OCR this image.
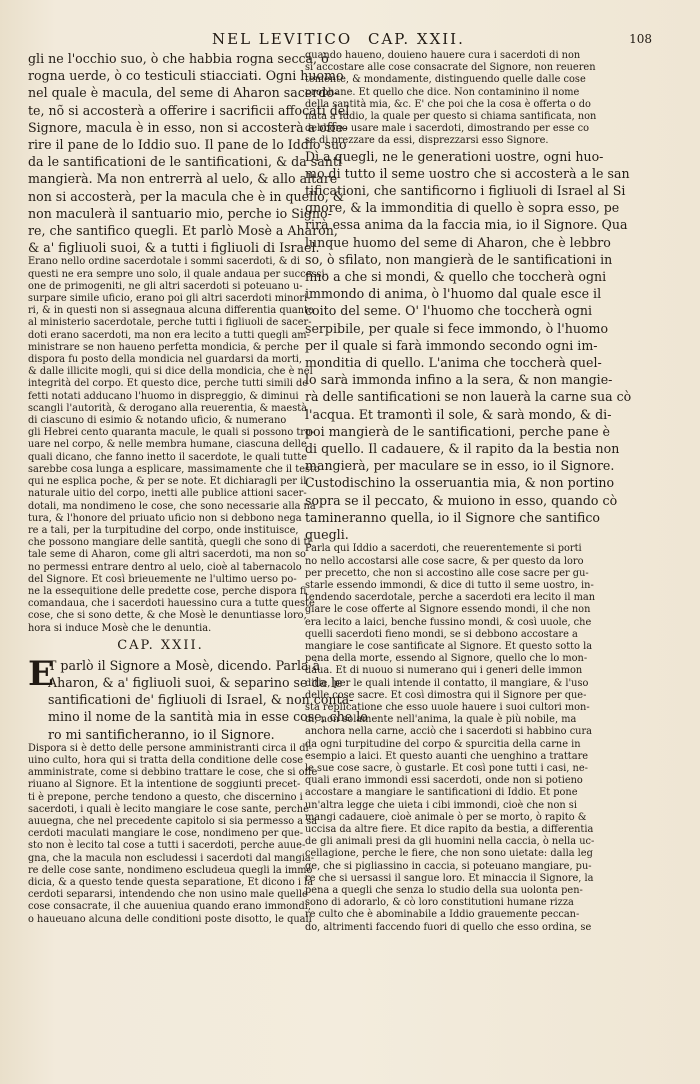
NEL LEVITICO CAP. XXII.	108
gli ne l'occhio suo, ò che habbia rogna secca, ò
rogna uerde, ò co testiculi stiacciati. Ogni huomo
nel quale è macula, del seme di Aharon sacerdo-
te, nõ si accosterà a offerire i sacrificii affocati del
Signore, macula è in esso, non si accosterà a offe-
rire il pane de lo Iddio suo. Il pane de lo Iddio suo
da le santificationi de le santificationi, & da santi
mangierà. Ma non entrerrà al uelo, & allo altare
non si accosterà, per la macula che è in quello, &
non maculerà il santuario mio, perche io Signo-
re, che santifico quegli. Et parlò Mosè a Aharon,
& a' figliuoli suoi, & a tutti i figliuoli di Israel.
Erano nello ordine sacerdotale i sommi sacerdoti, & di
questi ne era sempre uno solo, il quale andaua per successi-
one de primogeniti, ne gli altri sacerdoti si poteuano u-
surpare simile uficio, erano poi gli altri sacerdoti minori-
ri, & in questi non si assegnaua alcuna differentia quanto
al ministerio sacerdotale, perche tutti i figliuoli de sacer-
doti erano sacerdoti, ma non era lecito a tutti quegli am-
ministrare se non haueno perfetta mondicia, & perche
dispora fu posto della mondicia nel guardarsi da morti,
& dalle illicite mogli, qui si dice della mondicia, che è nel
integrità del corpo. Et questo dice, perche tutti simili de
fetti notati adducano l'huomo in dispreggio, & diminui
scangli l'autorità, & derogano alla reuerentia, & maestà
di ciascuno di esimio & notando uficio, & numerano
gli Hebrei cento quaranta macule, le quali si possono tro-
uare nel corpo, & nelle membra humane, ciascuna delle
quali dicano, che fanno inetto il sacerdote, le quali tutte
sarebbe cosa lunga a esplicare, massimamente che il testo
qui ne esplica poche, & per se note. Et dichiaragli per il
naturale uitio del corpo, inetti alle publice attioni sacer-
dotali, ma nondimeno le cose, che sono necessarie alla na
tura, & l'honore del priuato uficio non si debbono nega
re a tali, per la turpitudine del corpo, onde instituisce,
che possono mangiare delle santità, quegli che sono di ti
tale seme di Aharon, come gli altri sacerdoti, ma non so
no permessi entrare dentro al uelo, cioè al tabernacolo
del Signore. Et così brieuemente ne l'ultimo uerso po-
ne la essequitione delle predette cose, perche dispora fi
comandaua, che i sacerdoti hauessino cura a tutte queste
cose, che si sono dette, & che Mosè le denuntiasse loro,
hora si induce Mosè che le denuntia.
CAP. XXII.
E
T parlò il Signore a Mosè, dicendo. Parla à
Aharon, & a' figliuoli suoi, & separino se da le
santificationi de' figliuoli di Israel, & non conta-
mino il nome de la santità mia in esse cose, che lo
ro mi santificheranno, io il Signore.
Dispora si è detto delle persone amministranti circa il di-
uino culto, hora qui si tratta della conditione delle cose
amministrate, come si debbino trattare le cose, che si offe
riuano al Signore. Et la intentione de soggiunti precet-
ti è prepone, perche tendono a questo, che discernino i
sacerdoti, i quali è lecito mangiare le cose sante, perche
auuegna, che nel precedente capitolo si sia permesso a sa
cerdoti maculati mangiare le cose, nondimeno per que-
sto non è lecito tal cose a tutti i sacerdoti, perche auue-
gna, che la macula non escludessi i sacerdoti dal mangia-
re delle cose sante, nondimeno escludeua quegli la immo
dicia, & a questo tende questa separatione, Et dicono i la
cerdoti separarsi, intendendo che non usino male quelle
cose consacrate, il che auueniua quando erano immondi,
o haueuano alcuna delle conditioni poste disotto, le quali
quando haueno, douieno hauere cura i sacerdoti di non
si accostare alle cose consacrate del Signore, non reueren
temente, & mondamente, distinguendo quelle dalle cose
prophane. Et quello che dice. Non contaminino il nome
della santità mia, &c. E' che poi che la cosa è offerta o do
nata a Iddio, la quale per questo si chiama santificata, non
debbono usare male i sacerdoti, dimostrando per esse co
se di prezzare da essi, disprezzarsi esso Signore.
Dì a quegli, ne le generationi uostre, ogni huo-
mo di tutto il seme uostro che si accosterà a le san
tificationi, che santificorno i figliuoli di Israel al Si
gnore, & la immonditia di quello è sopra esso, pe
rirà essa anima da la faccia mia, io il Signore. Qua
lunque huomo del seme di Aharon, che è lebbro
so, ò sfilato, non mangierà de le santificationi in
fino a che si mondi, & quello che toccherà ogni
immondo di anima, ò l'huomo dal quale esce il
coito del seme. O' l'huomo che toccherà ogni
serpibile, per quale si fece immondo, ò l'huomo
per il quale si farà immondo secondo ogni im-
monditia di quello. L'anima che toccherà quel-
lo sarà immonda infino a la sera, & non mangie-
rà delle santificationi se non lauerà la carne sua cò
l'acqua. Et tramontì il sole, & sarà mondo, & di-
poi mangierà de le santificationi, perche pane è
di quello. Il cadauere, & il rapito da la bestia non
mangierà, per maculare se in esso, io il Signore.
Custodischino la osseruantia mia, & non portino
sopra se il peccato, & muiono in esso, quando cò
tamineranno quella, io il Signore che santifico
quegli.
Parla qui Iddio a sacerdoti, che reuerentemente si porti
no nello accostarsi alle cose sacre, & per questo da loro
per precetto, che non si accostino alle cose sacre per gu-
starle essendo immondi, & dice di tutto il seme uostro, in-
tendendo sacerdotale, perche a sacerdoti era lecito il man
giare le cose offerte al Signore essendo mondi, il che non
era lecito a laici, benche fussino mondi, & così uuole, che
quelli sacerdoti fieno mondi, se si debbono accostare a
mangiare le cose santificate al Signore. Et questo sotto la
pena della morte, essendo al Signore, quello che lo mon-
daua. Et di nuouo si numerano qui i generi delle immon
ditie, per le quali intende il contatto, il mangiare, & l'uso
delle cose sacre. Et così dimostra qui il Signore per que-
sta replicatione che esso uuole hauere i suoi cultori mon-
di, non solamente nell'anima, la quale è più nobile, ma
anchora nella carne, acciò che i sacerdoti si habbino cura
da ogni turpitudine del corpo & spurcitia della carne in
esempio a laici. Et questo auanti che uenghino a trattare
le sue cose sacre, ò gustarle. Et così pone tutti i casi, ne-
quali erano immondi essi sacerdoti, onde non si potieno
accostare a mangiare le santificationi di Iddio. Et pone
un'altra legge che uieta i cibi immondi, cioè che non si
mangi cadauere, cioè animale ò per se morto, ò rapito &
uccisa da altre fiere. Et dice rapito da bestia, a differentia
de gli animali presi da gli huomini nella caccia, ò nella uc-
cellagione, perche le fiere, che non sono uietate: dalla leg
ge, che si pigliassino in caccia, si poteuano mangiare, pu-
re che si uersassi il sangue loro. Et minaccia il Signore, la
pena a quegli che senza lo studio della sua uolonta pen-
sono di adorarlo, & cò loro constitutioni humane rizza
re culto che è abominabile a Iddio grauemente peccan-
do, altrimenti faccendo fuori di quello che esso ordina, se
